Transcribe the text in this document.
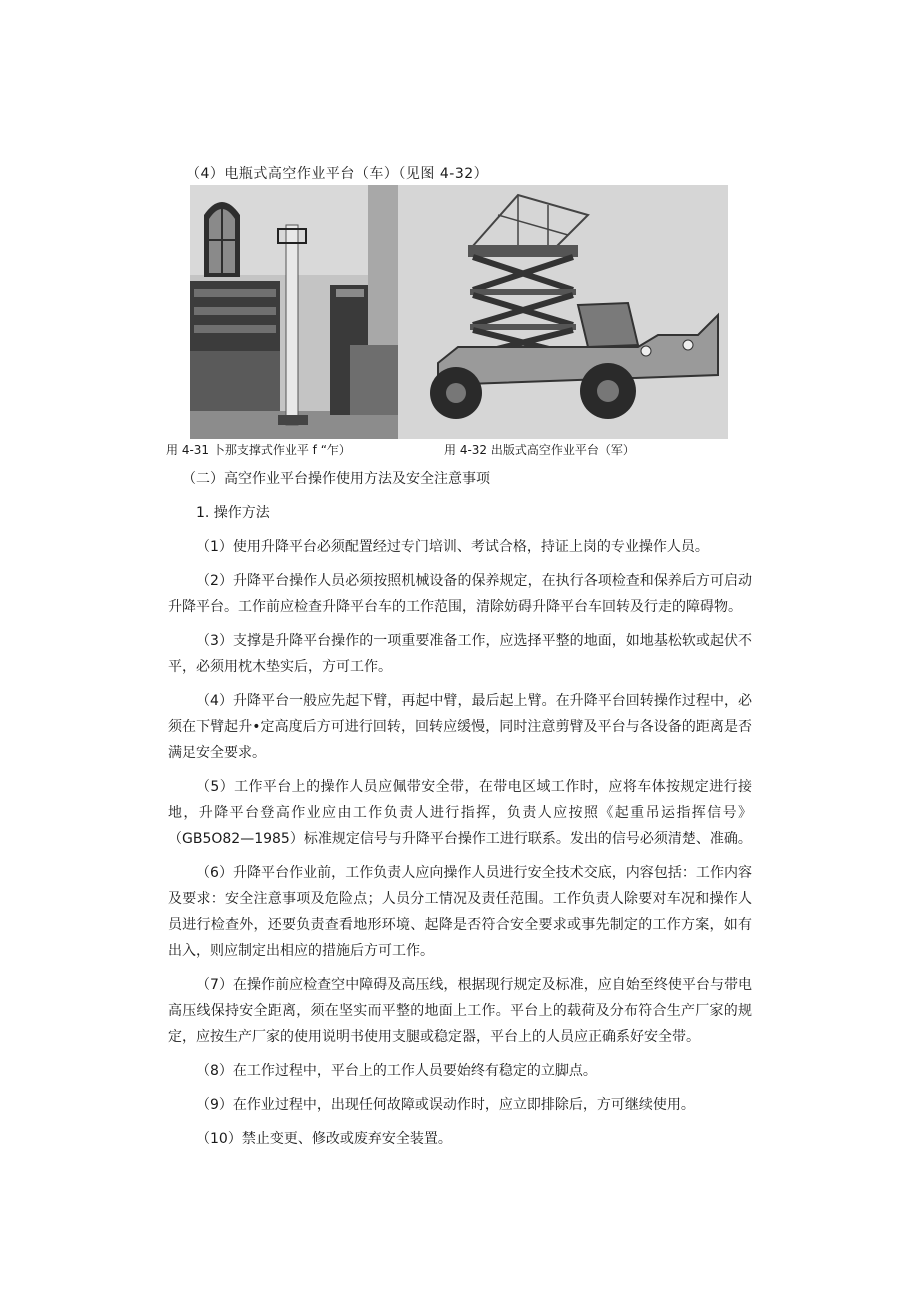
（4）电瓶式高空作业平台（车）（见图 4-32）
用 4-31 卜那支撑式作业平 f “乍）	用 4-32 出版式高空作业平台（军）

（二）高空作业平台操作使用方法及安全注意事项

1. 操作方法

（1）使用升降平台必须配置经过专门培训、考试合格，持证上岗的专业操作人员。

（2）升降平台操作人员必须按照机械设备的保养规定，在执行各项检查和保养后方可启动升降平台。工作前应检查升降平台车的工作范围，清除妨碍升降平台车回转及行走的障碍物。

（3）支撑是升降平台操作的一项重要准备工作，应选择平整的地面，如地基松软或起伏不平，必须用枕木垫实后，方可工作。

（4）升降平台一般应先起下臂，再起中臂，最后起上臂。在升降平台回转操作过程中，必须在下臂起升•定高度后方可进行回转，回转应缓慢，同时注意剪臂及平台与各设备的距离是否满足安全要求。

（5）工作平台上的操作人员应佩带安全带，在带电区域工作时，应将车体按规定进行接地，升降平台登高作业应由工作负责人进行指挥，负责人应按照《起重吊运指挥信号》（GB5O82—1985）标准规定信号与升降平台操作工进行联系。发出的信号必须清楚、准确。

（6）升降平台作业前，工作负责人应向操作人员进行安全技术交底，内容包括：工作内容及要求：安全注意事项及危险点；人员分工情况及责任范围。工作负责人除要对车况和操作人员进行检查外，还要负责查看地形环境、起降是否符合安全要求或事先制定的工作方案，如有出入，则应制定出相应的措施后方可工作。

（7）在操作前应检查空中障碍及高压线，根据现行规定及标准，应自始至终使平台与带电高压线保持安全距离，须在坚实而平整的地面上工作。平台上的载荷及分布符合生产厂家的规定，应按生产厂家的使用说明书使用支腿或稳定器，平台上的人员应正确系好安全带。

（8）在工作过程中，平台上的工作人员要始终有稳定的立脚点。

（9）在作业过程中，出现任何故障或误动作时，应立即排除后，方可继续使用。

（10）禁止变更、修改或废弃安全装置。
